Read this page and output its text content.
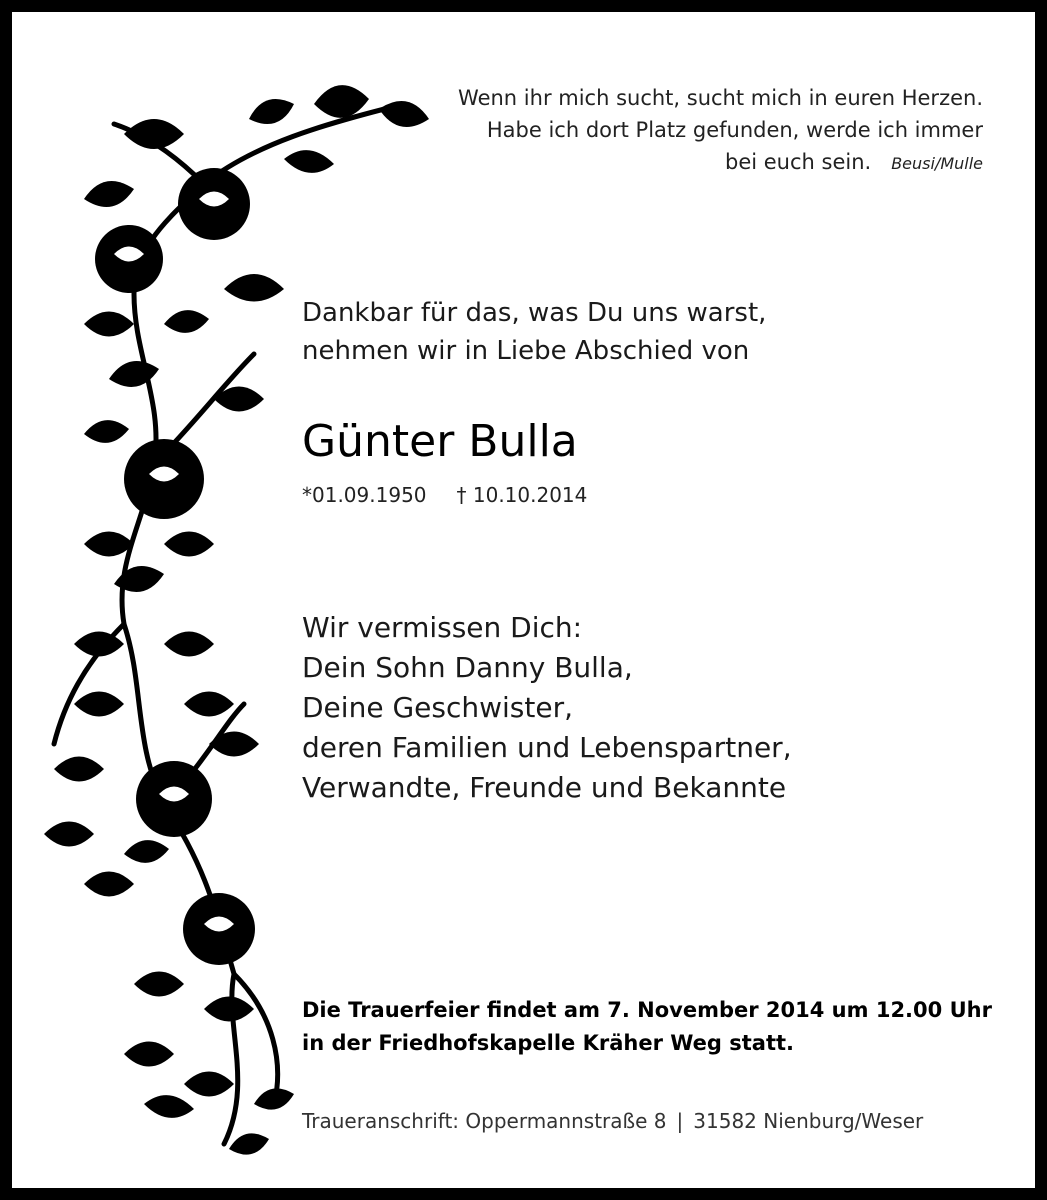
Wenn ihr mich sucht, sucht mich in euren Herzen.
Habe ich dort Platz gefunden, werde ich immer
bei euch sein. Beusi/Mulle
Dankbar für das, was Du uns warst,
nehmen wir in Liebe Abschied von
Günter Bulla
*01.09.1950 † 10.10.2014
Wir vermissen Dich:
Dein Sohn Danny Bulla,
Deine Geschwister,
deren Familien und Lebenspartner,
Verwandte, Freunde und Bekannte
Die Trauerfeier findet am 7. November 2014 um 12.00 Uhr
in der Friedhofskapelle Kräher Weg statt.
Traueranschrift: Oppermannstraße 8 | 31582 Nienburg/Weser
